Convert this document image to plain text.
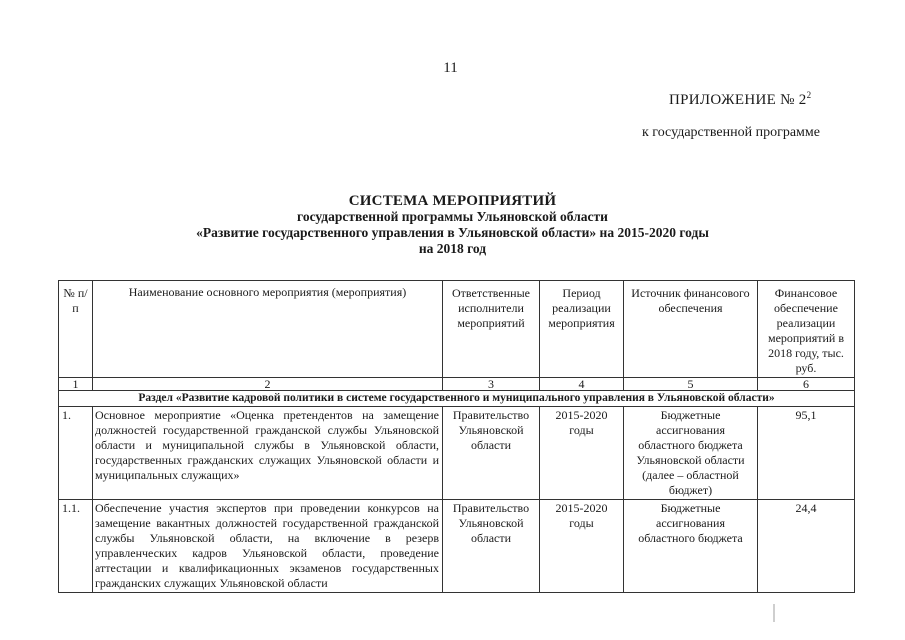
11
ПРИЛОЖЕНИЕ № $2^2$
к государственной программе
СИСТЕМА МЕРОПРИЯТИЙ
государственной программы Ульяновской области
«Развитие государственного управления в Ульяновской области» на 2015-2020 годы
на 2018 год
№ п/п	Наименование основного мероприятия (мероприятия)	Ответственные исполнители мероприятий	Период реализации мероприятия	Источник финансового обеспечения	Финансовое обеспечение реализации мероприятий в 2018 году, тыс. руб.
1	2	3	4	5	6
Раздел «Развитие кадровой политики в системе государственного и муниципального управления в Ульяновской области»					
1.	Основное мероприятие «Оценка претендентов на замещение должностей государственной гражданской службы Ульяновской области и муниципальной службы в Ульяновской области, государственных гражданских служащих Ульяновской области и муниципальных служащих»	Правительство Ульяновской области	2015-2020 годы	Бюджетные ассигнования областного бюджета Ульяновской области (далее – областной бюджет)	95,1
1.1.	Обеспечение участия экспертов при проведении конкурсов на замещение вакантных должностей государственной гражданской службы Ульяновской области, на включение в резерв управленческих кадров Ульяновской области, проведение аттестации и квалификационных экзаменов государственных гражданских служащих Ульяновской области	Правительство Ульяновской области	2015-2020 годы	Бюджетные ассигнования областного бюджета	24,4
